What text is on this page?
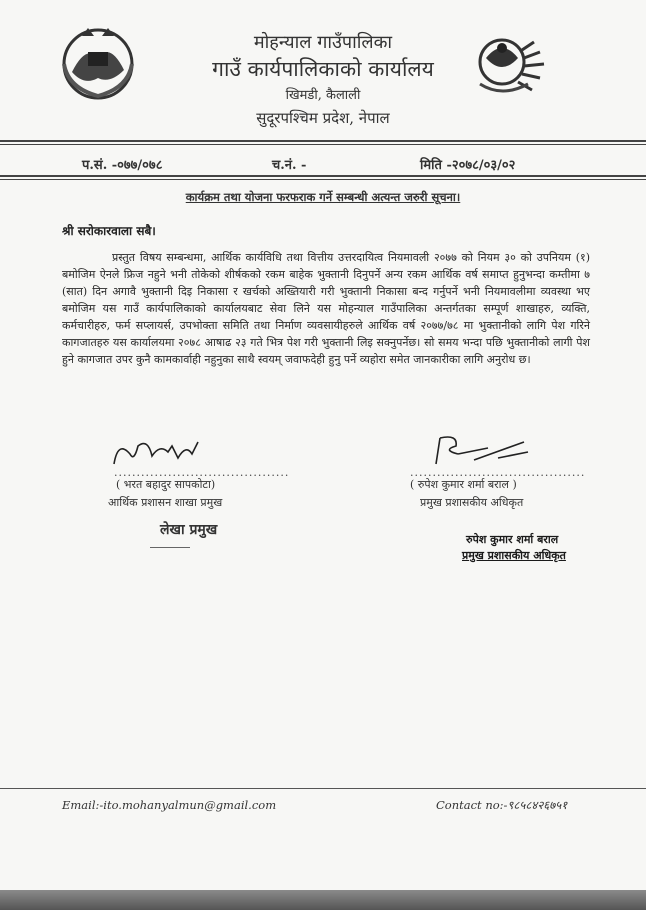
मोहन्याल गाउँपालिका
गाउँ कार्यपालिकाको कार्यालय
खिमडी, कैलाली
सुदूरपश्चिम प्रदेश, नेपाल
प.सं. -०७७/०७८	च.नं. -	मिति -२०७८/०३/०२
कार्यक्रम तथा योजना फरफराक गर्ने सम्बन्धी अत्यन्त जरुरी सूचना।
श्री सरोकारवाला सबै।
प्रस्तुत विषय सम्बन्धमा, आर्थिक कार्यविधि तथा वित्तीय उत्तरदायित्व नियमावली २०७७ को नियम ३० को उपनियम (१) बमोजिम ऐनले फ्रिज नहुने भनी तोकेको शीर्षकको रकम बाहेक भुक्तानी दिनुपर्ने अन्य रकम आर्थिक वर्ष समाप्त हुनुभन्दा कम्तीमा ७ (सात) दिन अगावै भुक्तानी दिइ निकासा र खर्चको अख्तियारी गरी भुक्तानी निकासा बन्द गर्नुपर्ने भनी नियमावलीमा व्यवस्था भए बमोजिम यस गाउँ कार्यपालिकाको कार्यालयबाट सेवा लिने यस मोहन्याल गाउँपालिका अन्तर्गतका सम्पूर्ण शाखाहरु, व्यक्ति, कर्मचारीहरु, फर्म सप्लायर्स, उपभोक्ता समिति तथा निर्माण व्यवसायीहरुले आर्थिक वर्ष २०७७/७८ मा भुक्तानीको लागि पेश गरिने कागजातहरु यस कार्यालयमा २०७८ आषाढ २३ गते भित्र पेश गरी भुक्तानी लिइ सक्नुपर्नेछ। सो समय भन्दा पछि भुक्तानीको लागी पेश हुने कागजात उपर कुनै कामकार्वाही नहुनुका साथै स्वयम् जवाफदेही हुनु पर्ने व्यहोरा समेत जानकारीका लागि अनुरोध छ।
.......................................
( भरत बहादुर सापकोटा)
आर्थिक प्रशासन शाखा प्रमुख
लेखा प्रमुख
.......................................
( रुपेश कुमार शर्मा बराल )
प्रमुख प्रशासकीय अधिकृत
रुपेश कुमार शर्मा बराल
प्रमुख प्रशासकीय अधिकृत
Email:-ito.mohanyalmun@gmail.com	Contact no:-९८५८४२६७५१
